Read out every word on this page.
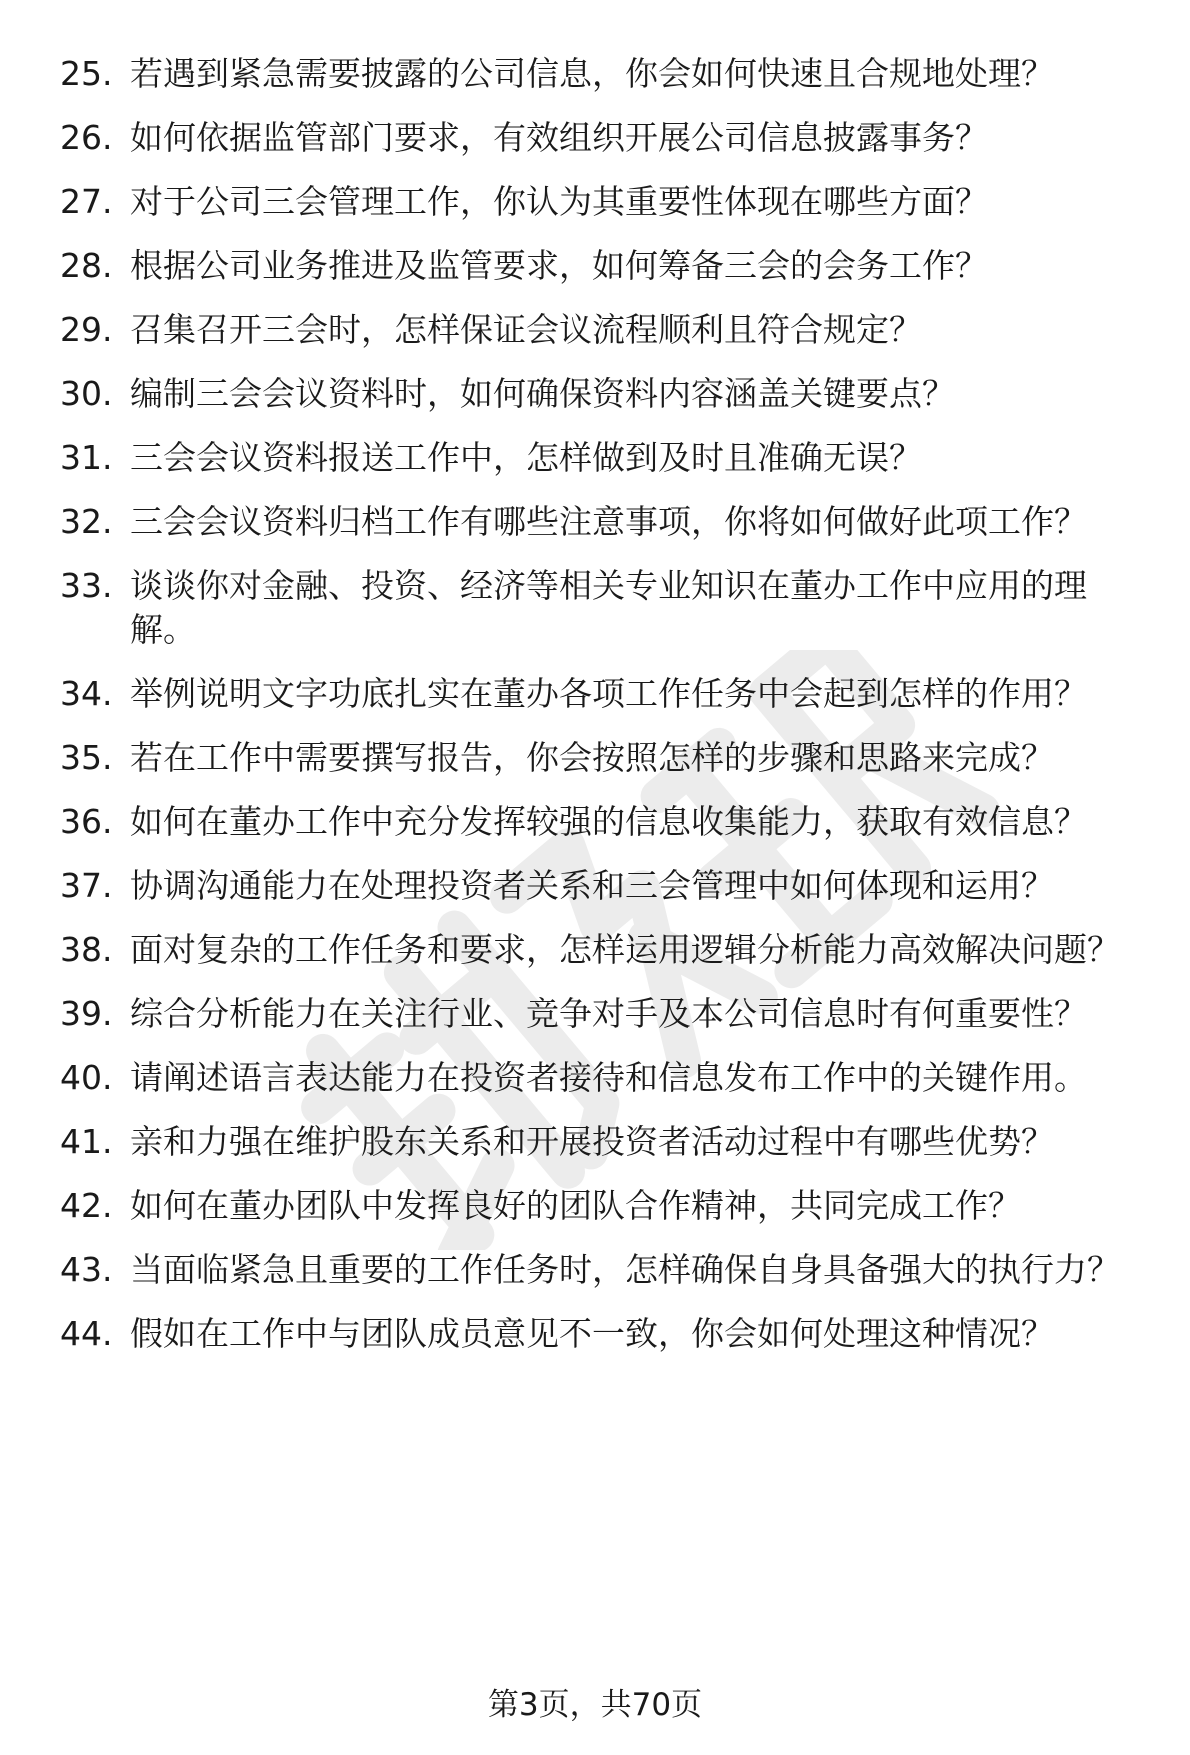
25. 若遇到紧急需要披露的公司信息，你会如何快速且合规地处理？
26. 如何依据监管部门要求，有效组织开展公司信息披露事务？
27. 对于公司三会管理工作，你认为其重要性体现在哪些方面？
28. 根据公司业务推进及监管要求，如何筹备三会的会务工作？
29. 召集召开三会时，怎样保证会议流程顺利且符合规定？
30. 编制三会会议资料时，如何确保资料内容涵盖关键要点？
31. 三会会议资料报送工作中，怎样做到及时且准确无误？
32. 三会会议资料归档工作有哪些注意事项，你将如何做好此项工作？
33. 谈谈你对金融、投资、经济等相关专业知识在董办工作中应用的理解。
34. 举例说明文字功底扎实在董办各项工作任务中会起到怎样的作用？
35. 若在工作中需要撰写报告，你会按照怎样的步骤和思路来完成？
36. 如何在董办工作中充分发挥较强的信息收集能力，获取有效信息？
37. 协调沟通能力在处理投资者关系和三会管理中如何体现和运用？
38. 面对复杂的工作任务和要求，怎样运用逻辑分析能力高效解决问题？
39. 综合分析能力在关注行业、竞争对手及本公司信息时有何重要性？
40. 请阐述语言表达能力在投资者接待和信息发布工作中的关键作用。
41. 亲和力强在维护股东关系和开展投资者活动过程中有哪些优势？
42. 如何在董办团队中发挥良好的团队合作精神，共同完成工作？
43. 当面临紧急且重要的工作任务时，怎样确保自身具备强大的执行力？
44. 假如在工作中与团队成员意见不一致，你会如何处理这种情况？
第3页，共70页
